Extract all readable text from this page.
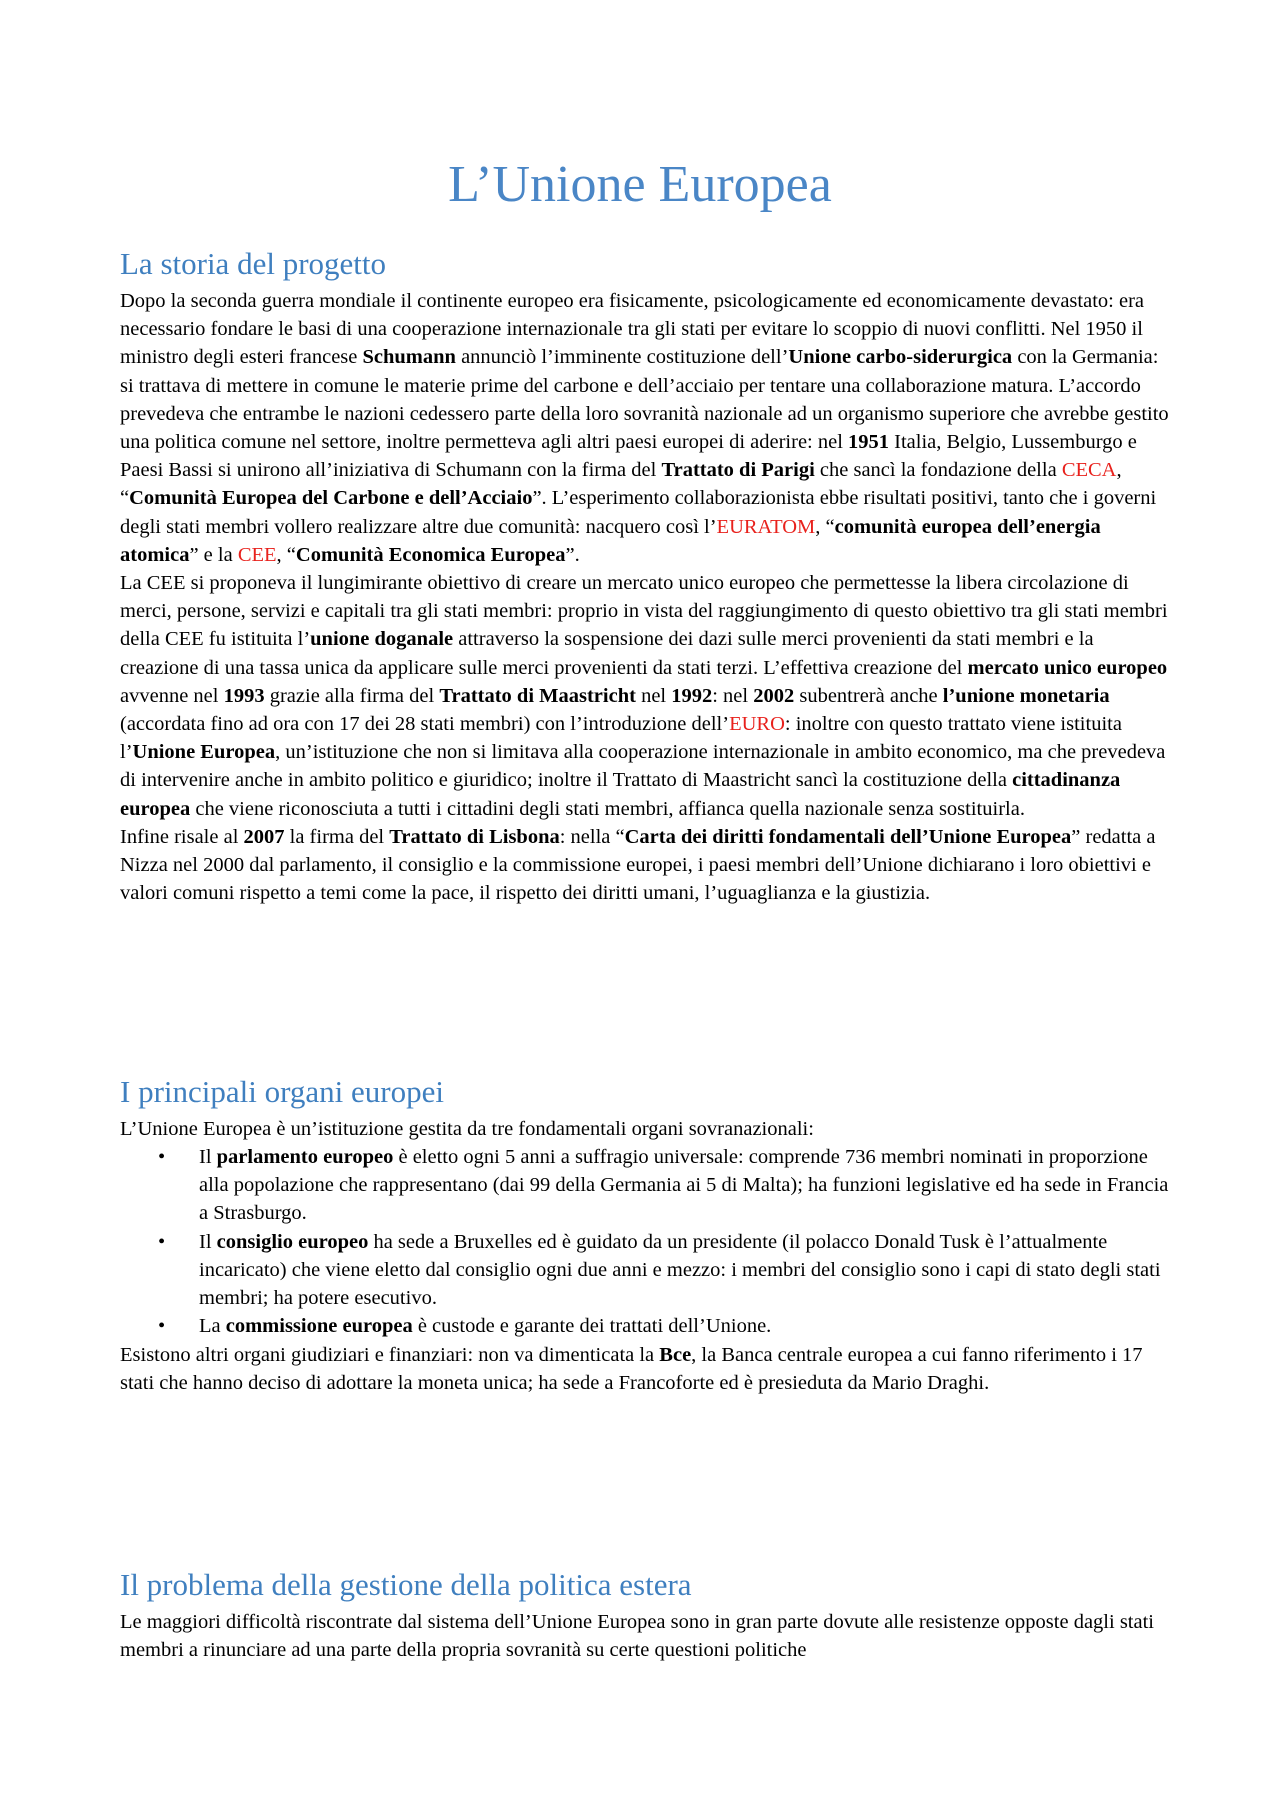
L’Unione Europea
La storia del progetto

Dopo la seconda guerra mondiale il continente europeo era fisicamente, psicologicamente ed economicamente devastato: era necessario fondare le basi di una cooperazione internazionale tra gli stati per evitare lo scoppio di nuovi conflitti. Nel 1950 il ministro degli esteri francese Schumann annunciò l’imminente costituzione dell’Unione carbo-siderurgica con la Germania: si trattava di mettere in comune le materie prime del carbone e dell’acciaio per tentare una collaborazione matura. L’accordo prevedeva che entrambe le nazioni cedessero parte della loro sovranità nazionale ad un organismo superiore che avrebbe gestito una politica comune nel settore, inoltre permetteva agli altri paesi europei di aderire: nel 1951 Italia, Belgio, Lussemburgo e Paesi Bassi si unirono all’iniziativa di Schumann con la firma del Trattato di Parigi che sancì la fondazione della CECA, “Comunità Europea del Carbone e dell’Acciaio”. L’esperimento collaborazionista ebbe risultati positivi, tanto che i governi degli stati membri vollero realizzare altre due comunità: nacquero così l’EURATOM, “comunità europea dell’energia atomica” e la CEE, “Comunità Economica Europea”.

La CEE si proponeva il lungimirante obiettivo di creare un mercato unico europeo che permettesse la libera circolazione di merci, persone, servizi e capitali tra gli stati membri: proprio in vista del raggiungimento di questo obiettivo tra gli stati membri della CEE fu istituita l’unione doganale attraverso la sospensione dei dazi sulle merci provenienti da stati membri e la creazione di una tassa unica da applicare sulle merci provenienti da stati terzi. L’effettiva creazione del mercato unico europeo avvenne nel 1993 grazie alla firma del Trattato di Maastricht nel 1992: nel 2002 subentrerà anche l’unione monetaria (accordata fino ad ora con 17 dei 28 stati membri) con l’introduzione dell’EURO: inoltre con questo trattato viene istituita l’Unione Europea, un’istituzione che non si limitava alla cooperazione internazionale in ambito economico, ma che prevedeva di intervenire anche in ambito politico e giuridico; inoltre il Trattato di Maastricht sancì la costituzione della cittadinanza europea che viene riconosciuta a tutti i cittadini degli stati membri, affianca quella nazionale senza sostituirla.

Infine risale al 2007 la firma del Trattato di Lisbona: nella “Carta dei diritti fondamentali dell’Unione Europea” redatta a Nizza nel 2000 dal parlamento, il consiglio e la commissione europei, i paesi membri dell’Unione dichiarano i loro obiettivi e valori comuni rispetto a temi come la pace, il rispetto dei diritti umani, l’uguaglianza e la giustizia.

I principali organi europei

L’Unione Europea è un’istituzione gestita da tre fondamentali organi sovranazionali:

• Il parlamento europeo è eletto ogni 5 anni a suffragio universale: comprende 736 membri nominati in proporzione alla popolazione che rappresentano (dai 99 della Germania ai 5 di Malta); ha funzioni legislative ed ha sede in Francia a Strasburgo.
• Il consiglio europeo ha sede a Bruxelles ed è guidato da un presidente (il polacco Donald Tusk è l’attualmente incaricato) che viene eletto dal consiglio ogni due anni e mezzo: i membri del consiglio sono i capi di stato degli stati membri; ha potere esecutivo.
• La commissione europea è custode e garante dei trattati dell’Unione.

Esistono altri organi giudiziari e finanziari: non va dimenticata la Bce, la Banca centrale europea a cui fanno riferimento i 17 stati che hanno deciso di adottare la moneta unica; ha sede a Francoforte ed è presieduta da Mario Draghi.

Il problema della gestione della politica estera

Le maggiori difficoltà riscontrate dal sistema dell’Unione Europea sono in gran parte dovute alle resistenze opposte dagli stati membri a rinunciare ad una parte della propria sovranità su certe questioni politiche
